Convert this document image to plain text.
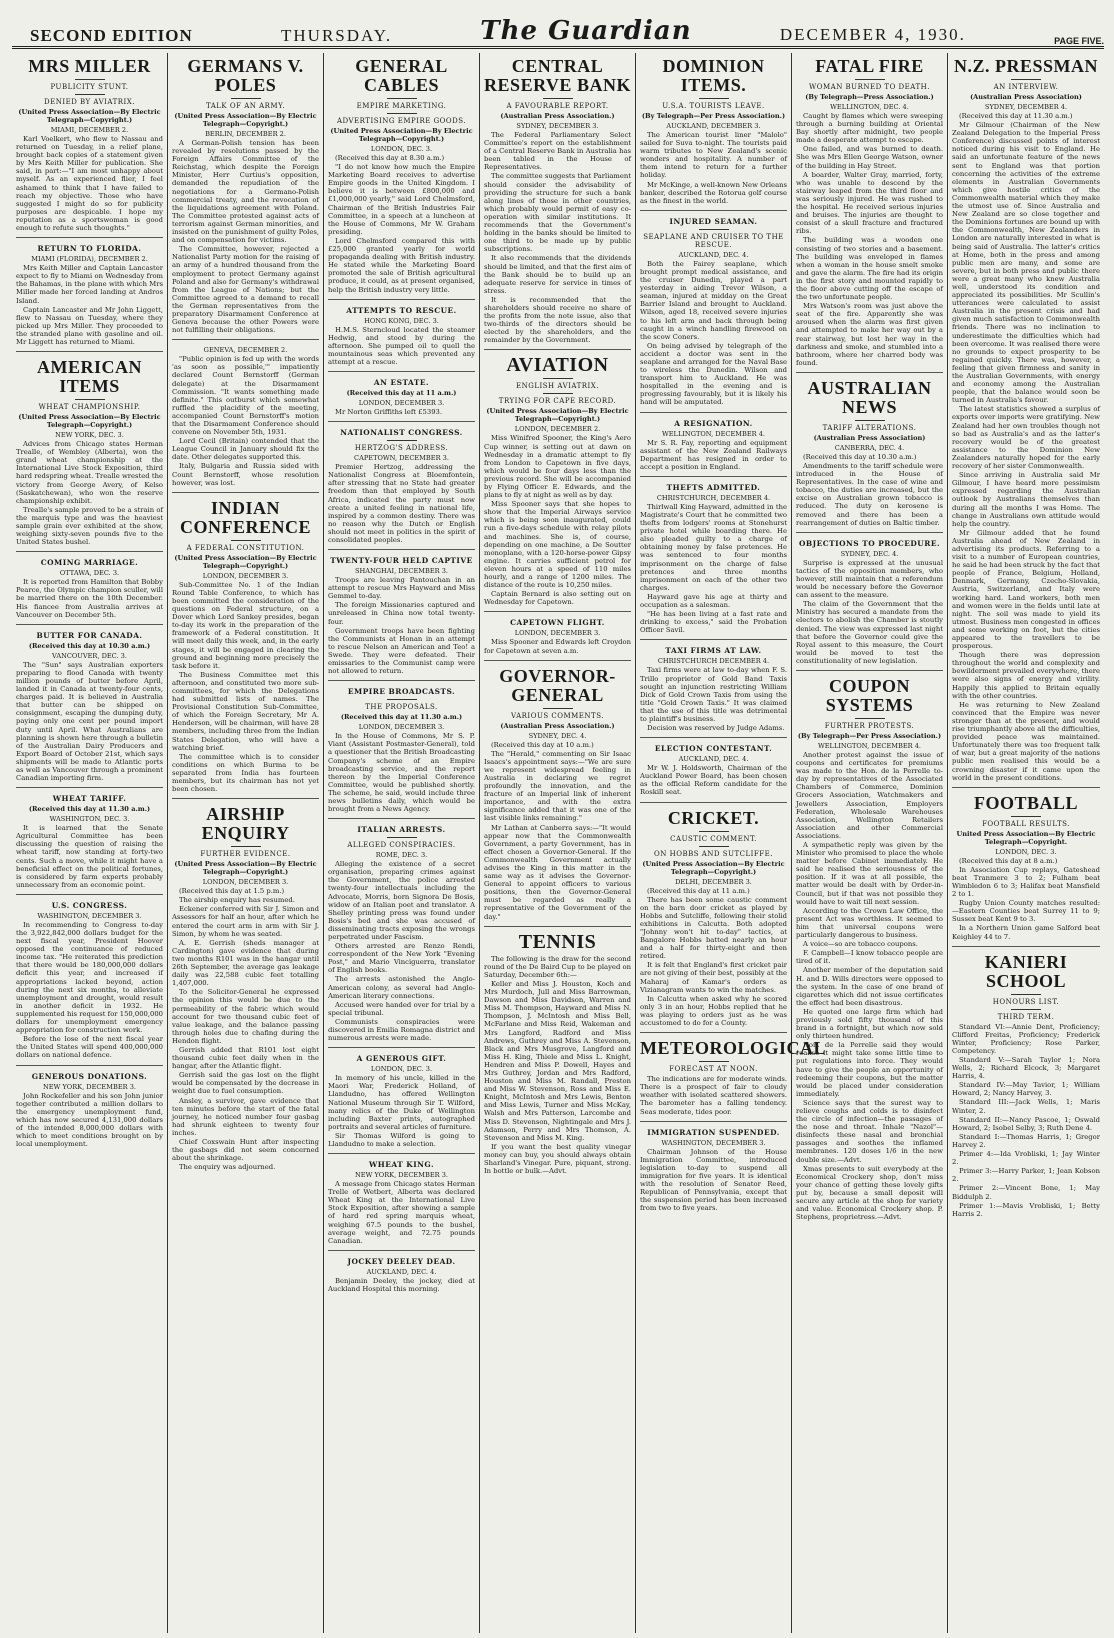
SECOND EDITION	THURSDAY.	The Guardian	DECEMBER 4, 1930.	PAGE FIVE.
MRS MILLER
PUBLICITY STUNT.
DENIED BY AVIATRIX.
(United Press Association—By Electric Telegraph—Copyright.)
MIAMI, DECEMBER 2.

Karl Voelkert, who flew to Nassau and returned on Tuesday, in a relief plane, brought back copies of a statement given by Mrs Keith Miller for publication. She said, in part:—"I am most unhappy about myself. As an experienced flier, I feel ashamed to think that I have failed to reach my objective. Those who have suggested I might do so for publicity purposes are despicable. I hope my reputation as a sportswoman is good enough to refute such thoughts."

RETURN TO FLORIDA.
MIAMI (FLORIDA), DECEMBER 2.

Mrs Keith Miller and Captain Lancaster expect to fly to Miami on Wednesday from the Bahamas, in the plane with which Mrs Miller made her forced landing at Andros Island.

Captain Lancaster and Mr John Liggett, flew to Nassau on Tuesday, where they picked up Mrs Miller. They proceeded to the stranded plane with gasoline and oil. Mr Liggett has returned to Miami.

AMERICAN ITEMS
WHEAT CHAMPIONSHIP.
(United Press Association—By Electric Telegraph—Copyright.)
NEW YORK, DEC. 3.

Advices from Chicago states Herman Trealle, of Wembley (Alberta), won the grand wheat championship at the International Live Stock Exposition, third hard redspring wheat. Trealle wrested the victory from George Avery, of Kelso (Saskatchewan), who won the reserve championship exhibit.

Trealle's sample proved to be a strain of the marquis type and was the heaviest sample grain ever exhibited at the show, weighing sixty-seven pounds five to the United States bushel.

COMING MARRIAGE.
OTTAWA, DEC. 3.

It is reported from Hamilton that Bobby Pearce, the Olympic champion sculler, will be married there on the 10th December. His fiancee from Australia arrives at Vancouver on December 5th.

BUTTER FOR CANADA.
(Received this day at 10.30 a.m.)
VANCOUVER, DEC. 3.

The "Sun" says Australian exporters preparing to flood Canada with twenty million pounds of butter before April, landed it in Canada at twenty-four cents, charges paid. It is believed in Australia that butter can be shipped on consignment, escaping the dumping duty, paying only one cent per pound import duty until April. What Australians are planning is shown here through a bulletin of the Australian Dairy Producers and Export Board of October 21st, which says shipments will be made to Atlantic ports as well as Vancouver through a prominent Canadian importing firm.

WHEAT TARIFF.
(Received this day at 11.30 a.m.)
WASHINGTON, DEC. 3.

It is learned that the Senate Agricultural Committee has been discussing the question of raising the wheat tariff, now standing at forty-two cents. Such a move, while it might have a beneficial effect on the political fortunes, is considered by farm experts probably unnecessary from an economic point.

U.S. CONGRESS.
WASHINGTON, DECEMBER 3.

In recommending to Congress to-day the 3,922,842,000 dollars budget for the next fiscal year, President Hoover opposed the continuance of reduced income tax. "He reiterated this prediction that there would be 180,000,000 dollars deficit this year, and increased if appropriations lacked beyond, action during the next six months, to alleviate unemployment and drought, would result in another deficit in 1932. He supplemented his request for 150,000,000 dollars for unemployment emergency appropriation for construction work.

Before the lose of the next fiscal year the United States will spend 400,000,000 dollars on national defence.

GENEROUS DONATIONS.
NEW YORK, DECEMBER 3.

John Rockefeller and his son John junior together contributed a million dollars to the emergency unemployment fund, which has now secured 4,131,000 dollars of the intended 8,000,000 dollars with which to meet conditions brought on by local unemployment.

GERMANS V. POLES
TALK OF AN ARMY.
(United Press Association—By Electric Telegraph—Copyright.)
BERLIN, DECEMBER 2.

A German-Polish tension has been revealed by resolutions passed by the Foreign Affairs Committee of the Reichstag, which despite the Foreign Minister, Herr Curtius's opposition, demanded the repudiation of the negotiations for a Germano-Polish commercial treaty, and the revocation of the liquidations agreement with Poland. The Committee protested against acts of terrorism against German minorities, and insisted on the punishment of guilty Poles, and on compensation for victims.

The Committee, however, rejected a Nationalist Party motion for the raising of an army of a hundred thousand from the employment to protect Germany against Poland and also for Germany's withdrawal from the League of Nations; but the Committee agreed to a demand to recall the German representatives from the preparatory Disarmament Conference at Geneva because the other Powers were not fulfilling their obligations.

GENEVA, DECEMBER 2.

"Public opinion is fed up with the words 'as soon as possible,'" impatiently declared Count Bernstorff (German delegate) at the Disarmament Commission. "It wants something made definite." This outburst which somewhat ruffled the placidity of the meeting, accompanied Count Bernstorff's motion that the Disarmament Conference should convene on November 5th, 1931.

Lord Cecil (Britain) contended that the League Council in January should fix the date. Other delegates supported this.

Italy, Bulgaria and Russia sided with Count Bernstorff, whose resolution however, was lost.

INDIAN CONFERENCE
A FEDERAL CONSTITUTION.
(United Press Association—By Electric Telegraph—Copyright.)
LONDON, DECEMBER 3.

Sub-Committee No. 1 of the Indian Round Table Conference, to which has been committed the consideration of the questions on Federal structure, on a Dover which Lord Sankey presides, began to-day its work in the preparation of the framework of a Federal constitution. It will meet daily this week, and, in the early stages, it will be engaged in clearing the ground and beginning more precisely the task before it.

The Business Committee met this afternoon, and constituted two more sub-committees, for which the Delegations had submitted lists of names. The Provisional Constitution Sub-Committee, of which the Foreign Secretary, Mr A. Henderson, will be chairman, will have 28 members, including three from the Indian States Delegation, who will have a watching brief.

The committee which is to consider conditions on which Burma to be separated from India has fourteen members, but its chairman has not yet been chosen.

AIRSHIP ENQUIRY
FURTHER EVIDENCE.
(United Press Association—By Electric Telegraph—Copyright.)
LONDON, DECEMBER 3.

(Received this day at 1.5 p.m.)

The airship enquiry has resumed.

Eckener conferred with Sir J. Simon and Assessors for half an hour, after which he entered the court arm in arm with Sir J. Simon, by whom he was seated.

A. E. Gerrish (sheds manager at Cardington) gave evidence that during two months R101 was in the hangar until 26th September, the average gas leakage daily was 22,588 cubic feet totalling 1,407,000.

To the Solicitor-General he expressed the opinion this would be due to the permeability of the fabric which would account for two thousand cubic feet of value leakage, and the balance passing through holes due to chafing during the Hendon flight.

Gerrish added that R101 lost eight thousand cubic feet daily when in the hangar, after the Atlantic flight.

Gerrish said the gas lost on the flight would be compensated by the decrease in weight due to fuel consumption.

Ansley, a survivor, gave evidence that ten minutes before the start of the fatal journey, he noticed number four gasbag had shrunk eighteen to twenty four inches.

Chief Coxswain Hunt after inspecting the gasbags did not seem concerned about the shrinkage.

The enquiry was adjourned.

GENERAL CABLES
EMPIRE MARKETING.
ADVERTISING EMPIRE GOODS.
(United Press Association—By Electric Telegraph—Copyright.)
LONDON, DEC. 3.

(Received this day at 8.30 a.m.)

"I do not know how much the Empire Marketing Board receives to advertise Empire goods in the United Kingdom. I believe it is between £800,000 and £1,000,000 yearly," said Lord Chelmsford, Chairman of the British Industries Fair Committee, in a speech at a luncheon at the House of Commons, Mr W. Graham presiding.

Lord Chelmsford compared this with £25,000 granted yearly for world propaganda dealing with British industry. He stated while the Marketing Board promoted the sale of British agricultural produce, it could, as at present organised, help the British industry very little.

ATTEMPTS TO RESCUE.
HONG KONG, DEC. 3.

H.M.S. Sterncloud located the steamer Hedwig, and stood by during the afternoon. She pumped oil to quell the mountainous seas which prevented any attempt at a rescue.

AN ESTATE.
(Received this day at 11 a.m.)
LONDON, DECEMBER 3.

Mr Norton Griffiths left £5393.

NATIONALIST CONGRESS.
HERTZOG'S ADDRESS.
CAPETOWN, DECEMBER 3.

Premier Hertzog, addressing the Nationalist Congress at Bloemfontein, after stressing that no State had greater freedom than that employed by South Africa, indicated the party must now create a united feeling in national life, inspired by a common destiny. There was no reason why the Dutch or English should not meet in politics in the spirit of consolidated peoples.

TWENTY-FOUR HELD CAPTIVE
SHANGHAI, DECEMBER 3.

Troops are leaving Pantouchan in an attempt to rescue Mrs Hayward and Miss Gemmel to-day.

The foreign Missionaries captured and unreleased in China now total twenty-four.

Government troops have been fighting the Communists at Honan in an attempt to rescue Nelson an American and Teo! a Swede. They were defeated. Their emissaries to the Communist camp were not allowed to return.

EMPIRE BROADCASTS.
THE PROPOSALS.
(Received this day at 11.30 a.m.)
LONDON, DECEMBER 3.

In the House of Commons, Mr S. P. Viant (Assistant Postmaster-General), told a questioner that the British Broadcasting Company's scheme of an Empire broadcasting service, and the report thereon by the Imperial Conference Committee, would be published shortly. The scheme, he said, would include three news bulletins daily, which would be brought from a News Agency.

ITALIAN ARRESTS.
ALLEGED CONSPIRACIES.
ROME, DEC. 3.

Alleging the existence of a secret organisation, preparing crimes against the Government, the police arrested twenty-four intellectuals including the Advocate, Morris, born Signora De Bosis, widow of an Italian poet and translator. A Shelley printing press was found under Bosis's bed and she was accused of disseminating tracts exposing the wrongs perpetrated under Fascism.

Others arrested are Renzo Rendi, correspondent of the New York "Evening Post," and Mario Vinciguerra, translator of English books.

The arrests astonished the Anglo-American colony, as several had Anglo-American literary connections.

Accused were handed over for trial by a special tribunal.

Communists conspiracies were discovered in Emilia Romagna district and numerous arrests were made.

A GENEROUS GIFT.
LONDON, DEC. 3.

In memory of his uncle, killed in the Maori War, Frederick Holland, of Llandudno, has offered Wellington National Museum through Sir T. Wilford, many relics of the Duke of Wellington including Baxter prints, autographed portraits and several articles of furniture.

Sir Thomas Wilford is going to Llandudno to make a selection.

WHEAT KING.
NEW YORK, DECEMBER 3.

A message from Chicago states Herman Trelle of Wetbert, Alberta was declared Wheat King at the International Live Stock Exposition, after showing a sample of hard red spring marquis wheat, weighing 67.5 pounds to the bushel, average weight, and 72.75 pounds Canadian.

JOCKEY DEELEY DEAD.
AUCKLAND, DEC. 4.

Benjamin Deeley, the jockey, died at Auckland Hospital this morning.

CENTRAL RESERVE BANK
A FAVOURABLE REPORT.
(Australian Press Association.)
SYDNEY, DECEMBER 3.

The Federal Parliamentary Select Committee's report on the establishment of a Central Reserve Bank in Australia has been tabled in the House of Representatives.

The committee suggests that Parliament should consider the advisability of providing the structure for such a bank along lines of those in other countries, which probably would permit of easy co-operation with similar institutions. It recommends that the Government's holding in the banks should be limited to one third to be made up by public subscriptions.

It also recommends that the dividends should be limited, and that the first aim of the Bank should be to build up an adequate reserve for service in times of stress.

It is recommended that the shareholders should receive no share of the profits from the note issue, also that two-thirds of the directors should be elected by the shareholders, and the remainder by the Government.

AVIATION
ENGLISH AVIATRIX.
TRYING FOR CAPE RECORD.
(United Press Association—By Electric Telegraph—Copyright.)
LONDON, DECEMBER 2.

Miss Winifred Spooner, the King's Aero Cup winner, is setting out at dawn on Wednesday in a dramatic attempt to fly from London to Capetown in five days, which would be four days less than the previous record. She will be accompanied by Flying Officer E. Edwards, and the plans to fly at night as well as by day.

Miss Spooner says that she hopes to show that the Imperial Airways service which is being soon inaugurated, could run a five-days schedule with relay pilots and machines. She is, of course, depending on one machine, a De Soutter monoplane, with a 120-horse-power Gipsy engine. It carries sufficient petrol for eleven hours at a speed of 110 miles hourly, and a range of 1200 miles. The distance of the route is 10,250 miles.

Captain Bernard is also setting out on Wednesday for Capetown.

CAPETOWN FLIGHT.
LONDON, DECEMBER 3.

Miss Spooner and Edwards left Croydon for Capetown at seven a.m.

GOVERNOR-GENERAL
VARIOUS COMMENTS.
(Australian Press Association.)
SYDNEY, DEC. 4.

(Received this day at 10 a.m.)

The "Herald," commenting on Sir Isaac Isaacs's appointment says:—"We are sure we represent widespread feeling in Australia in declaring we regret profoundly the innovation, and the fracture of an Imperial link of inherent importance, and with the extra significance added that it was one of the last visible links remaining."

Mr Lathan at Canberra says:—"It would appear now that the Commonwealth Government, a party Government, has in effect chosen a Governor-General. If the Commonwealth Government actually advises the King in this matter in the same way as it advises the Governor-General to appoint officers to various positions, then the Governor-General must be regarded as really a representative of the Government of the day."

TENNIS

The following is the draw for the second round of the De Baird Cup to be played on Saturday, December 6th:—

Keller and Miss J. Houston, Koch and Mrs Murdoch, Jull and Miss Barrowman, Dawson and Miss Davidson, Warren and Miss M. Thompson, Hayward and Miss N. Thompson, J. McIntosh and Miss Bell, McFarlane and Miss Reid, Wakeman and Mrs Langford, Radford and Miss Andrews, Guthrey and Miss A. Stevenson, Black and Mrs Musgrove, Langford and Miss H. King, Thiele and Miss L. Knight, Hendren and Miss P. Dowell, Hayes and Mrs Guthrey, Jordan and Mrs Radford, Houston and Miss M. Randall, Preston and Miss W. Stevenson, Ross and Miss E. Knight, McIntosh and Mrs Lewis, Benton and Miss Lewis, Turner and Miss McKay, Walsh and Mrs Patterson, Larcombe and Miss D. Stevenson, Nightingale and Mrs J. Adamson, Perry and Mrs Thomson, A. Stevenson and Miss M. King.

If you want the best quality vinegar money can buy, you should always obtain Sharland's Vinegar. Pure, piquant, strong. In bottle or bulk.—Advt.

DOMINION ITEMS.
U.S.A. TOURISTS LEAVE.
(By Telegraph—Per Press Association.)
AUCKLAND, DECEMBER 3.

The American tourist liner "Malolo" sailed for Suva to-night. The tourists paid warm tributes to New Zealand's scenic wonders and hospitality. A number of them intend to return for a further holiday.

Mr McKinge, a well-known New Orleans banker, described the Rotorua golf course as the finest in the world.

INJURED SEAMAN.
SEAPLANE AND CRUISER TO THE RESCUE.
AUCKLAND, DEC. 4.

Both the Fairey seaplane, which brought prompt medical assistance, and the cruiser Dunedin, played a part yesterday in aiding Trevor Wilson, a seaman, injured at midday on the Great Barrier Island and brought to Auckland. Wilson, aged 18, received severe injuries to his left arm and back through being caught in a winch handling firewood on the scow Coners.

On being advised by telegraph of the accident a doctor was sent in the seaplane and arranged for the Naval Base to wireless the Dunedin. Wilson and transport him to Auckland. He was hospitalled in the evening and is progressing favourably, but it is likely his hand will be amputated.

A RESIGNATION.
WELLINGTON, DECEMBER 4.

Mr S. R. Fay, reporting and equipment assistant of the New Zealand Railways Department has resigned in order to accept a position in England.

THEFTS ADMITTED.
CHRISTCHURCH, DECEMBER 4.

Thirlwall King Hayward, admitted in the Magistrate's Court that he committed two thefts from lodgers' rooms at Stonehurst private hotel while boarding there. He also pleaded guilty to a charge of obtaining money by false pretences. He was sentenced to four months imprisonment on the charge of false pretences and three months imprisonment on each of the other two charges.

Hayward gave his age at thirty and occupation as a salesman.

"He has been living at a fast rate and drinking to excess," said the Probation Officer Savil.

TAXI FIRMS AT LAW.
CHRISTCHURCH DECEMBER 4.

Taxi firms were at law to-day when F. S. Trillo proprietor of Gold Band Taxis sought an injunction restricting William Dick of Gold Crown Taxis from using the title "Gold Crown Taxis." It was claimed that the use of this title was detrimental to plaintiff's business.

Decision was reserved by Judge Adams.

ELECTION CONTESTANT.
AUCKLAND, DEC. 4.

Mr W. J. Holdsworth, Chairman of the Auckland Power Board, has been chosen as the official Reform candidate for the Roskill seat.

CRICKET.
CAUSTIC COMMENT.
ON HOBBS AND SUTCLIFFE.
(United Press Association—By Electric Telegraph—Copyright.)
DELHI, DECEMBER 3.

(Received this day at 11 a.m.)

There has been some caustic comment on the barn door cricket as played by Hobbs and Sutcliffe, following their stolid exhibitions in Calcutta. Both adopted "Johnny won't hit to-day" tactics, at Bangalore Hobbs batted nearly an hour and a half for thirty-eight and then retired.

It is felt that England's first cricket pair are not giving of their best, possibly at the Maharaj of Kamar's orders as Vizianagram wants to win the matches.

In Calcutta when asked why he scored only 3 in an hour, Hobbs replied that he was playing to orders just as he was accustomed to do for a County.

METEOROLOGICAL
FORECAST AT NOON.

The indications are for moderate winds. There is a prospect of fair to cloudy weather with isolated scattered showers. The barometer has a falling tendency. Seas moderate, tides poor.

IMMIGRATION SUSPENDED.
WASHINGTON, DECEMBER 3.

Chairman Johnson of the House Immigration Committee, introduced legislation to-day to suspend all immigration for five years. It is identical with the resolution of Senator Reed, Republican of Pennsylvania, except that the suspension period has been increased from two to five years.

FATAL FIRE
WOMAN BURNED TO DEATH.
(By Telegraph—Press Association.)
WELLINGTON, DEC. 4.

Caught by flames which were sweeping through a burning building at Oriental Bay shortly after midnight, two people made a desperate attempt to escape.

One failed, and was burned to death. She was Mrs Ellen George Watson, owner of the building in Hay Street.

A boarder, Walter Gray, married, forty, who was unable to descend by the stairway leaped from the third floor and was seriously injured. He was rushed to the hospital. He received serious injuries and bruises. The injuries are thought to consist of a skull fracture and fractured ribs.

The building was a wooden one consisting of two stories and a basement. The building was enveloped in flames when a woman in the house smelt smoke and gave the alarm. The fire had its origin in the first story and mounted rapidly to the floor above cutting off the escape of the two unfortunate people.

Mrs Watson's room was just above the seat of the fire. Apparently she was aroused when the alarm was first given and attempted to make her way out by a rear stairway, but lost her way in the darkness and smoke, and stumbled into a bathroom, where her charred body was found.

AUSTRALIAN NEWS
TARIFF ALTERATIONS.
(Australian Press Association)
CANBERRA, DEC. 4.

(Received this day at 10.30 a.m.)

Amendments to the tariff schedule were introduced in the House of Representatives. In the case of wine and tobacco, the duties are increased, but the excise on Australian grown tobacco is reduced. The duty on kerosene is removed and there has been a rearrangement of duties on Baltic timber.

OBJECTIONS TO PROCEDURE.
SYDNEY, DEC. 4.

Surprise is expressed at the unusual tactics of the opposition members, who however, still maintain that a referendum would be necessary before the Governor can assent to the measure.

The claim of the Government that the Ministry has secured a mandate from the electors to abolish the Chamber is stoutly denied. The view was expressed last night that before the Governor could give the Royal assent to this measure, the Court would be moved to test the constitutionality of new legislation.

COUPON SYSTEMS
FURTHER PROTESTS.
(By Telegraph—Per Press Association.)
WELLINGTON, DECEMBER 4.

Another protest against the issue of coupons and certificates for premiums was made to the Hon. de la Perrelle to-day by representatives of the Associated Chambers of Commerce, Dominion Grocers Association, Watchmakers and Jewellers Association, Employers Federation, Wholesale Warehouses Association, Wellington Retailers Association and other Commercial Associations.

A sympathetic reply was given by the Minister who promised to place the whole matter before Cabinet immediately. He said he realised the seriousness of the position. If it was at all possible, the matter would be dealt with by Order-in-Council, but if that was not possible they would have to wait till next session.

According to the Crown Law Office, the present Act was worthless. It seemed to him that universal coupons were particularly dangerous to business.

A voice—so are tobacco coupons.

F. Campbell—I know tobacco people are tired of it.

Another member of the deputation said H. and D. Wills directors were opposed to the system. In the case of one brand of cigarettes which did not issue certificates the effect had been disastrous.

He quoted one large firm which had previously sold fifty thousand of this brand in a fortnight, but which now sold only thirteen hundred.

Hon. de la Perrelle said they would realise it might take some little time to put regulations into force. They would have to give the people an opportunity of redeeming their coupons, but the matter would be placed under consideration immediately.

Science says that the surest way to relieve coughs and colds is to disinfect the circle of infection—the passages of the nose and throat. Inhale "Nazol"—disinfects these nasal and bronchial passages and soothes the inflamed membranes. 120 doses 1/6 in the new double size.—Advt.

Xmas presents to suit everybody at the Economical Crockery shop, don't miss your chance of getting these lovely gifts put by, because a small deposit will secure any article at the shop for variety and value. Economical Crockery shop. P. Stephens, proprietress.—Advt.

N.Z. PRESSMAN
AN INTERVIEW.
(Australian Press Association)
SYDNEY, DECEMBER 4.

(Received this day at 11.30 a.m.)

Mr Gilmour (Chairman of the New Zealand Delegation to the Imperial Press Conference) discussed points of interest noticed during his visit to England. He said an unfortunate feature of the news sent to England was that portion concerning the activities of the extreme elements in Australian Governments which give hostile critics of the Commonwealth material which they make the utmost use of. Since Australia and New Zealand are so close together and the Dominions fortunes are bound up with the Commonwealth, New Zealanders in London are naturally interested in what is being said of Australia. The latter's critics at Home, both in the press and among public men are many, and some are severe, but in both press and public there were a great many who knew Australia well, understood its condition and appreciated its possibilities. Mr Scullin's utterances were calculated to assist Australia in the present crisis and had given much satisfaction to Commonwealth friends. There was no inclination to underestimate the difficulties which had been overcome. It was realised there were no grounds to expect prosperity to be regained quickly. There was, however, a feeling that given firmness and sanity in the Australian Governments, with energy and economy among the Australian people, that the balance would soon be turned in Australia's favour.

The latest statistics showed a surplus of exports over imports were gratifying. New Zealand had her own troubles though not so bad as Australia's and as the latter's recovery would be of the greatest assistance to the Dominion New Zealanders naturally hoped for the early recovery of her sister Commonwealth.

Since arriving in Australia said Mr Gilmour, I have heard more pessimism expressed regarding the Australian outlook by Australians themselves than during all the months I was Home. The change in Australians own attitude would help the country.

Mr Gilmour added that he found Australia ahead of New Zealand in advertising its products. Referring to a visit to a number of European countries, he said he had been struck by the fact that people of France, Belgium, Holland, Denmark, Germany, Czecho-Slovakia, Austria, Switzerland, and Italy were working hard. Land workers, both men and women were in the fields until late at night. The soil was made to yield its utmost. Business men congested in offices and some working on foot, but the cities appeared to the travellers to be prosperous.

Though there was depression throughout the world and complexity and bewilderment prevailed everywhere, there were also signs of energy and virility. Happily this applied to Britain equally with the other countries.

He was returning to New Zealand convinced that the Empire was never stronger than at the present, and would rise triumphantly above all the difficulties, provided peace was maintained. Unfortunately there was too frequent talk of war, but a great majority of the nations public men realised this would be a crowning disaster if it came upon the world in the present conditions.

FOOTBALL
FOOTBALL RESULTS.
United Press Association—By Electric Telegraph—Copyright.
LONDON, DEC. 3.

(Received this day at 8 a.m.)

In Association Cup replays, Gateshead beat Tranmere 3 to 2; Fulham beat Wimbledon 6 to 3; Halifax beat Mansfield 2 to 1.

Rugby Union County matches resulted:—Eastern Counties beat Surrey 11 to 9; Sussex beat Kent 9 to 3.

In a Northern Union game Salford beat Keighley 44 to 7.

KANIERI SCHOOL
HONOURS LIST.
THIRD TERM.

Standard VI:—Annie Dent, Proficiency; Clifford Freitas, Proficiency; Frederick Winter, Proficiency; Rose Parker, Competency.

Standard V:—Sarah Taylor 1; Nora Wells, 2; Richard Elcock, 3; Margaret Harris, 4.

Standard IV:—May Tavior, 1; William Howard, 2; Nancy Harvey, 3.

Standard III:—Jack Wells, 1; Maris Winter, 2.

Standard II:—Nancy Pascoe, 1; Oswald Howard, 2; Isobel Selby, 3; Ruth Dene 4.

Standard I:—Thomas Harris, 1; Gregor Harvey 2.

Primer 4:—Ida Vrobliski, 1; Jay Winter 2.

Primer 3:—Harry Parker, 1; Jean Kobson 2.

Primer 2:—Vincent Bone, 1; May Biddulph 2.

Primer 1:—Mavis Vrobliski, 1; Betty Harris 2.
